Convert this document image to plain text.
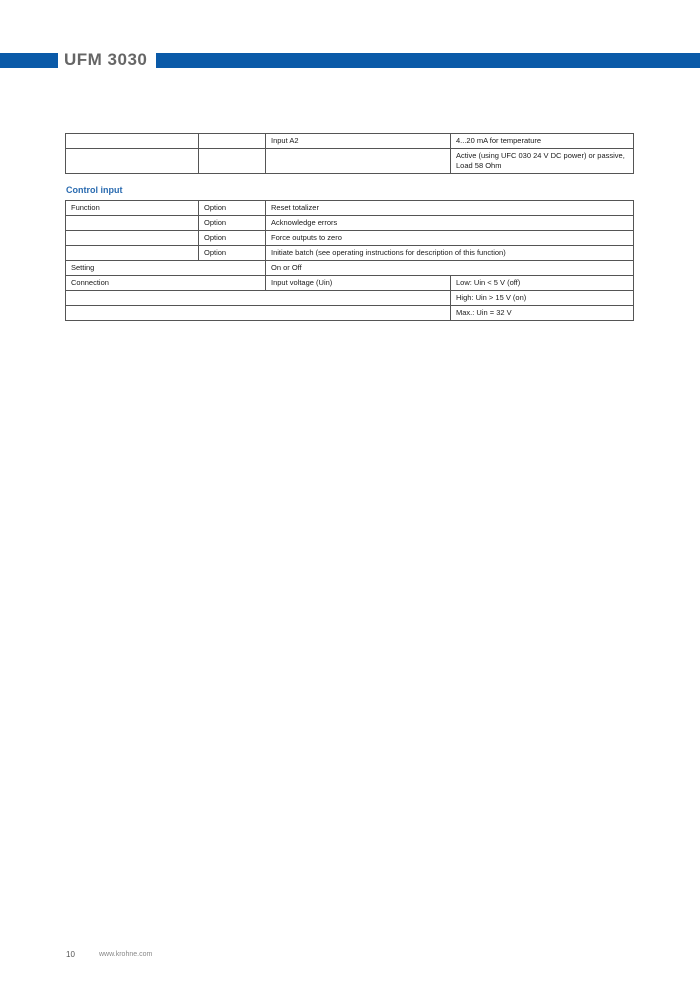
UFM 3030
		Input A2	4...20 mA for temperature
			Active (using UFC 030 24 V DC power) or passive, Load 58 Ohm
Control input
Function	Option	Reset totalizer	
	Option	Acknowledge errors	
	Option	Force outputs to zero	
	Option	Initiate batch (see operating instructions for description of this function)	
Setting		On or Off	
Connection		Input voltage (Uin)	Low: Uin < 5 V (off)
			High: Uin > 15 V (on)
			Max.: Uin = 32 V
10	www.krohne.com
